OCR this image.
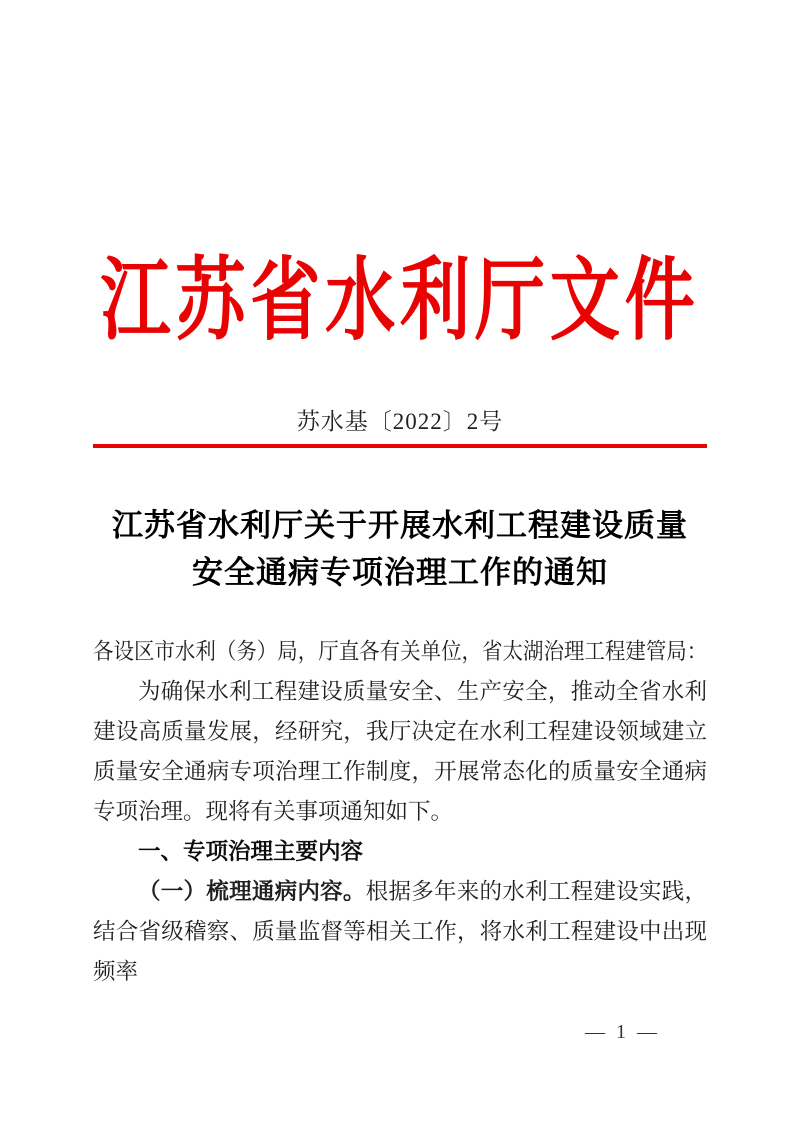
江苏省水利厅文件
苏水基〔2022〕2号
江苏省水利厅关于开展水利工程建设质量
安全通病专项治理工作的通知

各设区市水利（务）局，厅直各有关单位，省太湖治理工程建管局：

为确保水利工程建设质量安全、生产安全，推动全省水利建设高质量发展，经研究，我厅决定在水利工程建设领域建立质量安全通病专项治理工作制度，开展常态化的质量安全通病专项治理。现将有关事项通知如下。

一、专项治理主要内容

（一）梳理通病内容。根据多年来的水利工程建设实践，结合省级稽察、质量监督等相关工作，将水利工程建设中出现频率

— 1 —
